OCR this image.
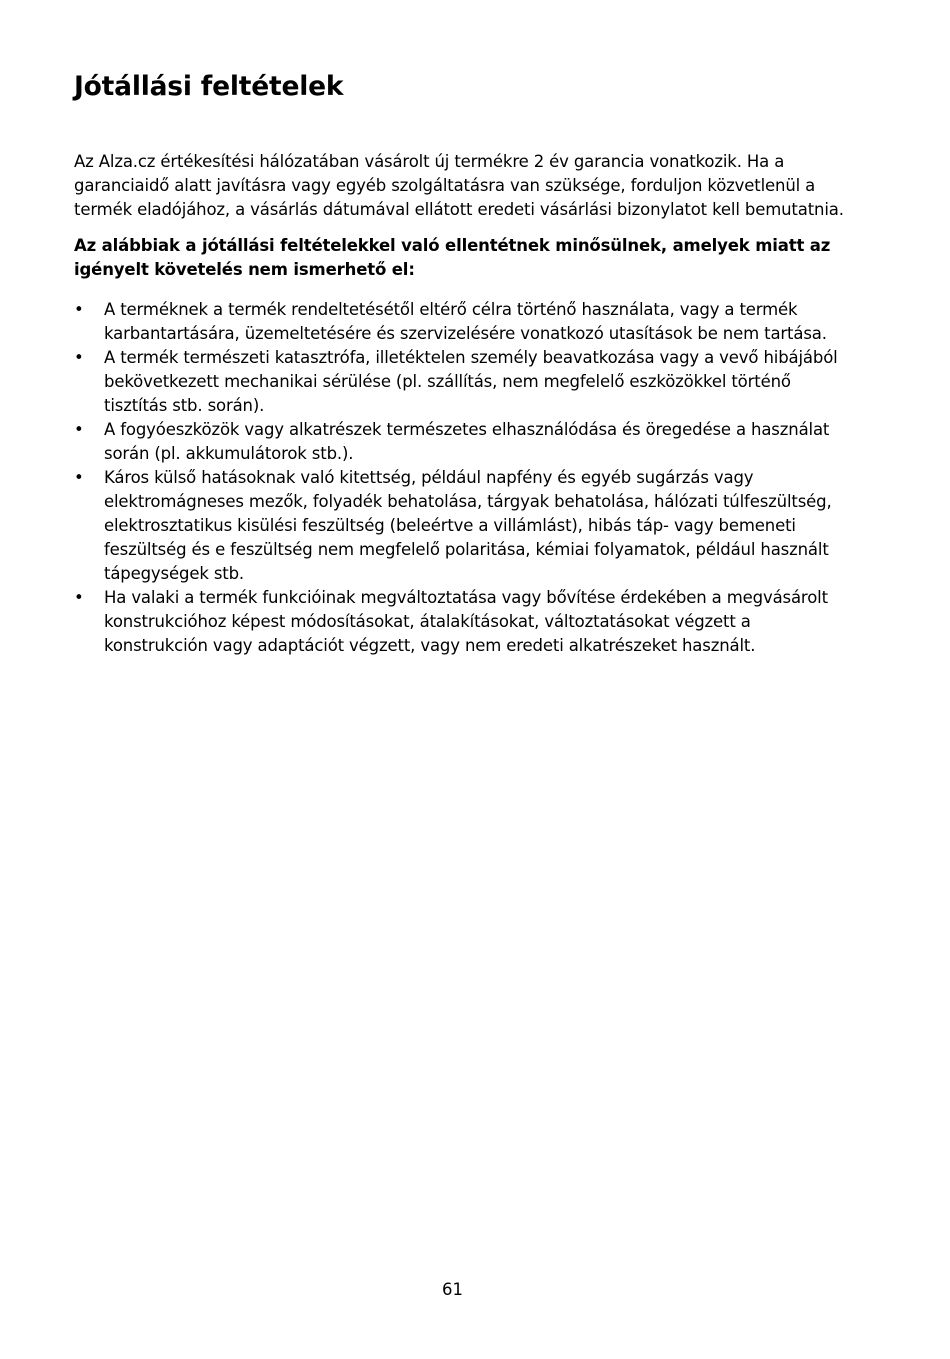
Jótállási feltételek

Az Alza.cz értékesítési hálózatában vásárolt új termékre 2 év garancia vonatkozik. Ha a garanciaidő alatt javításra vagy egyéb szolgáltatásra van szüksége, forduljon közvetlenül a termék eladójához, a vásárlás dátumával ellátott eredeti vásárlási bizonylatot kell bemutatnia.

Az alábbiak a jótállási feltételekkel való ellentétnek minősülnek, amelyek miatt az igényelt követelés nem ismerhető el:

• A terméknek a termék rendeltetésétől eltérő célra történő használata, vagy a termék karbantartására, üzemeltetésére és szervizelésére vonatkozó utasítások be nem tartása.
• A termék természeti katasztrófa, illetéktelen személy beavatkozása vagy a vevő hibájából bekövetkezett mechanikai sérülése (pl. szállítás, nem megfelelő eszközökkel történő tisztítás stb. során).
• A fogyóeszközök vagy alkatrészek természetes elhasználódása és öregedése a használat során (pl. akkumulátorok stb.).
• Káros külső hatásoknak való kitettség, például napfény és egyéb sugárzás vagy elektromágneses mezők, folyadék behatolása, tárgyak behatolása, hálózati túlfeszültség, elektrosztatikus kisülési feszültség (beleértve a villámlást), hibás táp- vagy bemeneti feszültség és e feszültség nem megfelelő polaritása, kémiai folyamatok, például használt tápegységek stb.
• Ha valaki a termék funkcióinak megváltoztatása vagy bővítése érdekében a megvásárolt konstrukcióhoz képest módosításokat, átalakításokat, változtatásokat végzett a konstrukción vagy adaptációt végzett, vagy nem eredeti alkatrészeket használt.
61
